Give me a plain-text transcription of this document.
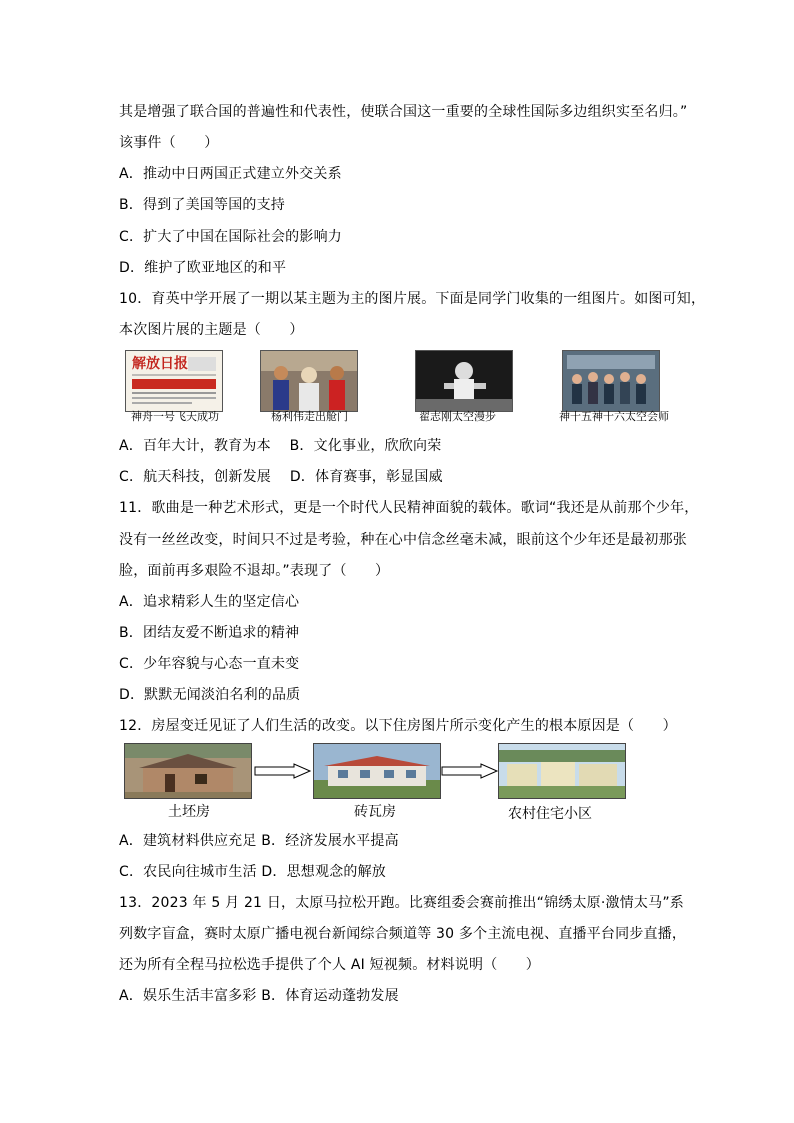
其是增强了联合国的普遍性和代表性，使联合国这一重要的全球性国际多边组织实至名归。”
该事件（　　）
A．推动中日两国正式建立外交关系
B．得到了美国等国的支持
C．扩大了中国在国际社会的影响力
D．维护了欧亚地区的和平
10．育英中学开展了一期以某主题为主的图片展。下面是同学门收集的一组图片。如图可知，
本次图片展的主题是（　　）
解放日报
神舟一号飞天成功	杨利伟走出舱门	翟志刚太空漫步	神十五神十六太空会师
A．百年大计，教育为本　 B．文化事业，欣欣向荣
C．航天科技，创新发展　 D．体育赛事，彰显国威
11．歌曲是一种艺术形式，更是一个时代人民精神面貌的载体。歌词“我还是从前那个少年，
没有一丝丝改变，时间只不过是考验，种在心中信念丝毫未减，眼前这个少年还是最初那张
脸，面前再多艰险不退却。”表现了（　　）
A．追求精彩人生的坚定信心
B．团结友爱不断追求的精神
C．少年容貌与心态一直未变
D．默默无闻淡泊名利的品质
12．房屋变迁见证了人们生活的改变。以下住房图片所示变化产生的根本原因是（　　）
土坯房	砖瓦房	农村住宅小区
A．建筑材料供应充足 B．经济发展水平提高
C．农民向往城市生活 D．思想观念的解放
13．2023 年 5 月 21 日，太原马拉松开跑。比赛组委会赛前推出“锦绣太原·激情太马”系
列数字盲盒，赛时太原广播电视台新闻综合频道等 30 多个主流电视、直播平台同步直播，
还为所有全程马拉松选手提供了个人 AI 短视频。材料说明（　　）
A．娱乐生活丰富多彩 B．体育运动蓬勃发展
